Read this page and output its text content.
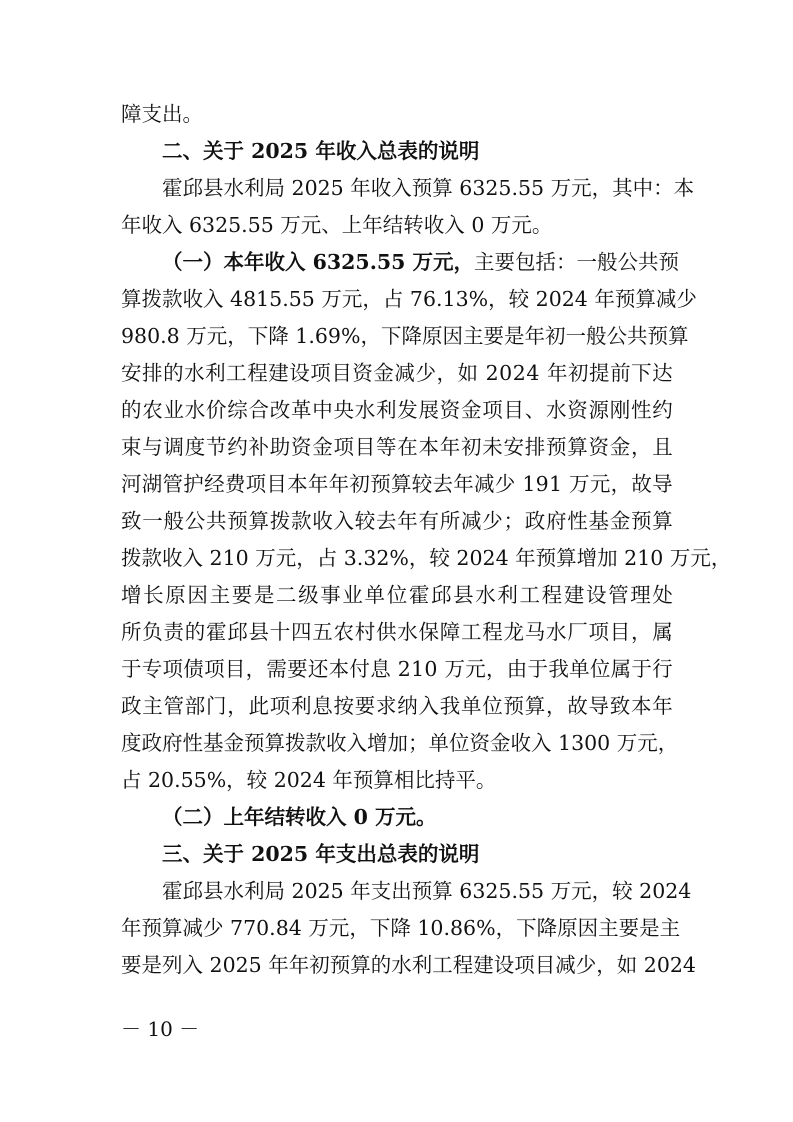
障支出。
二、关于 2025 年收入总表的说明
霍 邱 县 水 利 局
2 0 2 5
年 收 入 预 算
6 3 2 5 . 5 5
万 元 ， 其 中 ： 本
年收入 6325.55 万元、上年结转收入 0 万元。
（一）本年收入 6325.55 万元， 主要包括：一般公共预
算 拨 款 收 入
4 8 1 5 . 5 5
万 元 ， 占
7 6 . 1 3 % ， 较
2 0 2 4
年 预 算 减 少
9 8 0 . 8
万 元 ， 下 降
1 . 6 9 % ， 下 降 原 因 主 要 是 年 初 一 般 公 共 预 算
安 排 的 水 利 工 程 建 设 项 目 资 金 减 少 ， 如
2 0 2 4
年 初 提 前 下 达
的 农 业 水 价 综 合 改 革 中 央 水 利 发 展 资 金 项 目 、 水 资 源 刚 性 约
束 与 调 度 节 约 补 助 资 金 项 目 等 在 本 年 初 未 安 排 预 算 资 金 ， 且
河 湖 管 护 经 费 项 目 本 年 年 初 预 算 较 去 年 减 少
1 9 1
万 元 ， 故 导
致 一 般 公 共 预 算 拨 款 收 入 较 去 年 有 所 减 少 ； 政 府 性 基 金 预 算
拨 款 收 入
2 1 0
万 元 ， 占
3 . 3 2 % ， 较
2 0 2 4
年 预 算 增 加
2 1 0
万 元 ，
增 长 原 因 主 要 是 二 级 事 业 单 位 霍 邱 县 水 利 工 程 建 设 管 理 处
所 负 责 的 霍 邱 县 十 四 五 农 村 供 水 保 障 工 程 龙 马 水 厂 项 目 ， 属
于 专 项 债 项 目 ， 需 要 还 本 付 息
2 1 0
万 元 ， 由 于 我 单 位 属 于 行
政 主 管 部 门 ， 此 项 利 息 按 要 求 纳 入 我 单 位 预 算 ， 故 导 致 本 年
度 政 府 性 基 金 预 算 拨 款 收 入 增 加 ； 单 位 资 金 收 入
1 3 0 0
万 元 ，
占 20.55%，较 2024 年预算相比持平。
（二）上年结转收入 0 万元。
三、关于 2025 年支出总表的说明
霍 邱 县 水 利 局
2 0 2 5
年 支 出 预 算
6 3 2 5 . 5 5
万 元 ， 较
2 0 2 4
年 预 算 减 少
7 7 0 . 8 4
万 元 ， 下 降
1 0 . 8 6 % ， 下 降 原 因 主 要 是 主
要 是 列 入
2 0 2 5
年 年 初 预 算 的 水 利 工 程 建 设 项 目 减 少 ， 如
2 0 2 4
－ 10 －
